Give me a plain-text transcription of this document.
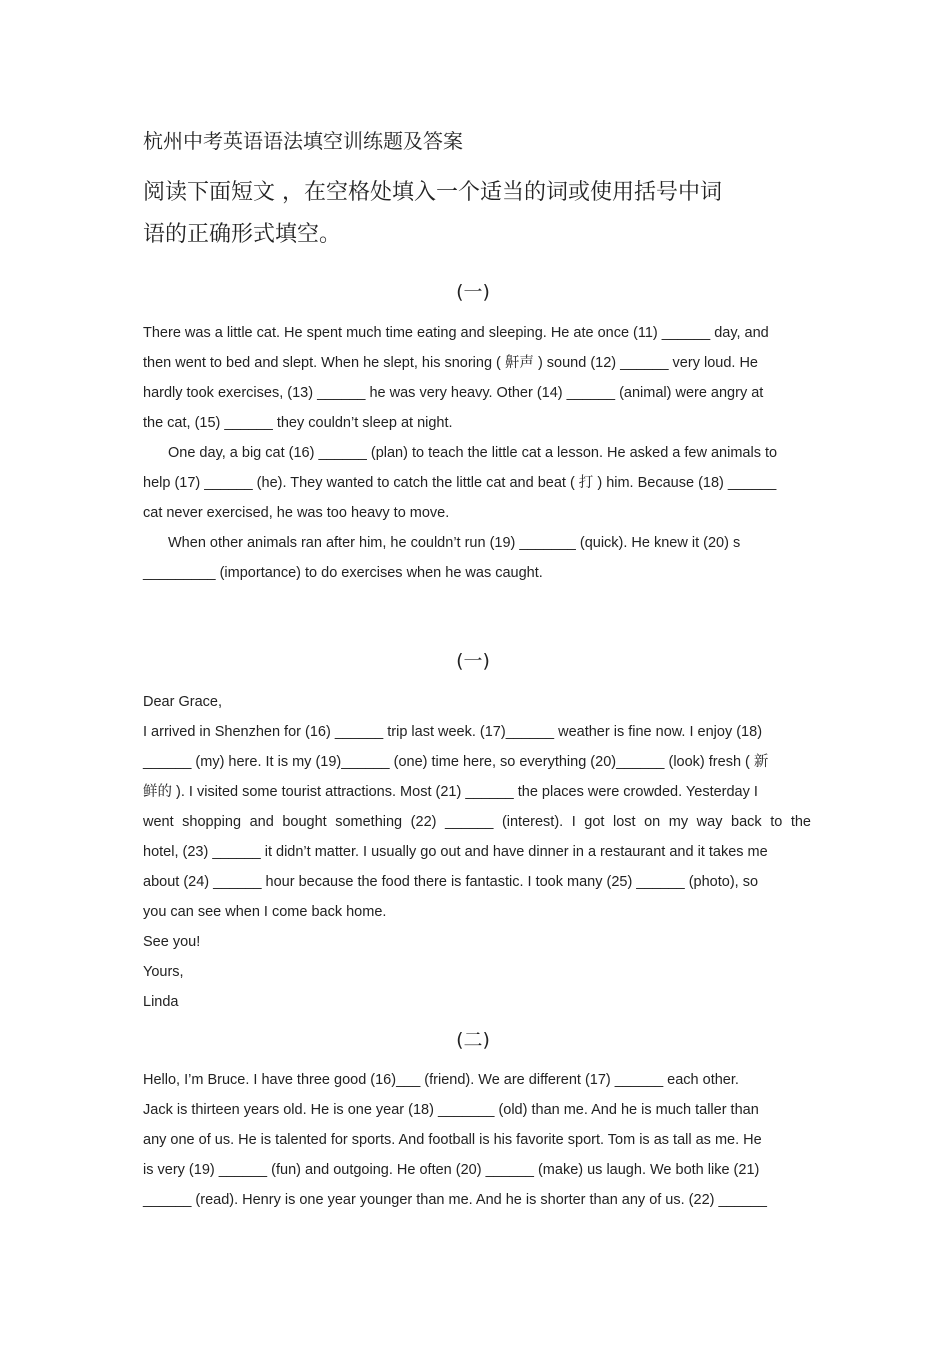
杭州中考英语语法填空训练题及答案
阅读下面短文 ，在空格处填入一个适当的词或使用括号中词
语的正确形式填空。
(一)

There was a little cat. He spent much time eating and sleeping. He ate once (11) ______ day, and

then went to bed and slept. When he slept, his snoring ( 鼾声 ) sound (12) ______ very loud. He

hardly took exercises, (13) ______ he was very heavy. Other (14) ______ (animal) were angry at

the cat, (15) ______ they couldn’t sleep at night.

One day, a big cat (16) ______ (plan) to teach the little cat a lesson. He asked a few animals to

help (17) ______ (he). They wanted to catch the little cat and beat ( 打 ) him. Because (18) ______

cat never exercised, he was too heavy to move.

When other animals ran after him, he couldn’t run (19) _______ (quick). He knew it (20) s

_________ (importance) to do exercises when he was caught.

(一)

Dear Grace,

I arrived in Shenzhen for (16) ______ trip last week. (17)______ weather is fine now. I enjoy (18)

______ (my) here. It is my (19)______ (one) time here, so everything (20)______ (look) fresh ( 新

鲜的 ). I visited some tourist attractions. Most (21) ______ the places were crowded. Yesterday I

went shopping and bought something (22) ______ (interest). I got lost on my way back to the

hotel, (23) ______ it didn’t matter. I usually go out and have dinner in a restaurant and it takes me

about (24) ______ hour because the food there is fantastic. I took many (25) ______ (photo), so

you can see when I come back home.

See you!

Yours,

Linda

(二)

Hello, I’m Bruce. I have three good (16)___ (friend). We are different (17) ______ each other.

Jack is thirteen years old. He is one year (18) _______ (old) than me. And he is much taller than

any one of us. He is talented for sports. And football is his favorite sport. Tom is as tall as me. He

is very (19) ______ (fun) and outgoing. He often (20) ______ (make) us laugh. We both like (21)

______ (read). Henry is one year younger than me. And he is shorter than any of us. (22) ______
